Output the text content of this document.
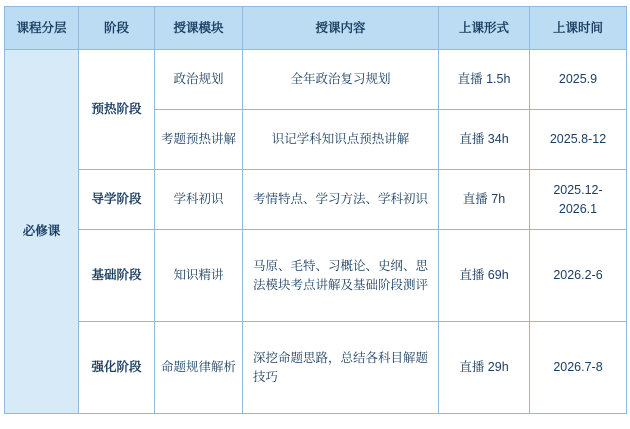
课程分层	阶段	授课模块	授课内容	上课形式	上课时间
必修课	预热阶段	政治规划	全年政治复习规划	直播 1.5h	2025.9
		考题预热讲解	识记学科知识点预热讲解	直播 34h	2025.8-12
	导学阶段	学科初识	考情特点、学习方法、学科初识	直播 7h	2025.12-2026.1
	基础阶段	知识精讲	马原、毛特、习概论、史纲、思法模块考点讲解及基础阶段测评	直播 69h	2026.2-6
	强化阶段	命题规律解析	深挖命题思路，总结各科目解题技巧	直播 29h	2026.7-8
